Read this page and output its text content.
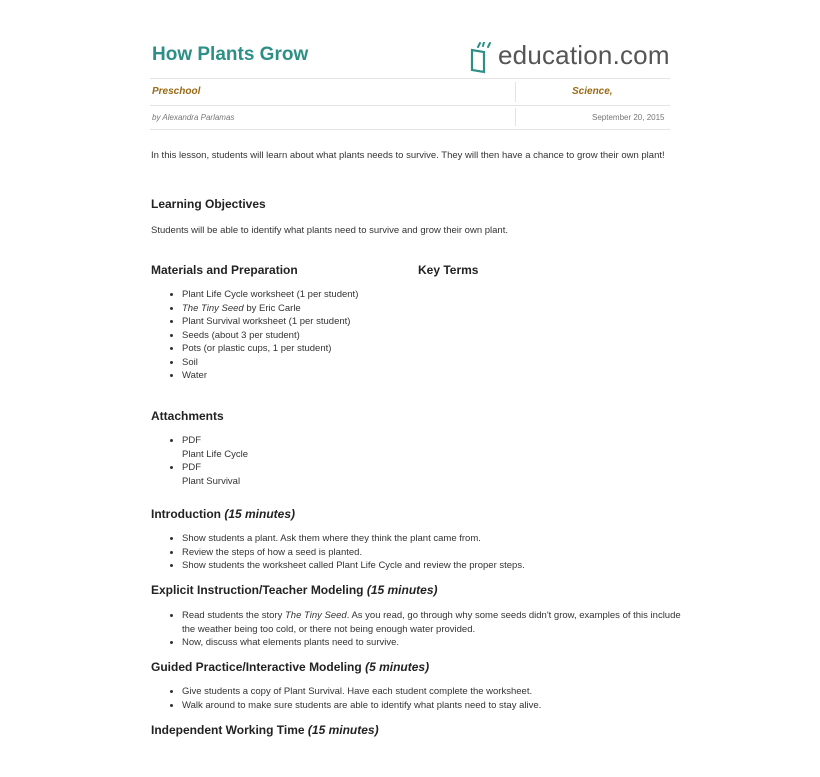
How Plants Grow	education.com
Preschool	Science,
by Alexandra Parlamas	September 20, 2015
In this lesson, students will learn about what plants needs to survive. They will then have a chance to grow their own plant!
Learning Objectives
Students will be able to identify what plants need to survive and grow their own plant.
Materials and Preparation	Key Terms
• Plant Life Cycle worksheet (1 per student)
• The Tiny Seed by Eric Carle
• Plant Survival worksheet (1 per student)
• Seeds (about 3 per student)
• Pots (or plastic cups, 1 per student)
• Soil
• Water
Attachments
• PDF
Plant Life Cycle
• PDF
Plant Survival
Introduction (15 minutes)
• Show students a plant. Ask them where they think the plant came from.
• Review the steps of how a seed is planted.
• Show students the worksheet called Plant Life Cycle and review the proper steps.
Explicit Instruction/Teacher Modeling (15 minutes)
• Read students the story The Tiny Seed. As you read, go through why some seeds didn't grow, examples of this include the weather being too cold, or there not being enough water provided.
• Now, discuss what elements plants need to survive.
Guided Practice/Interactive Modeling (5 minutes)
• Give students a copy of Plant Survival. Have each student complete the worksheet.
• Walk around to make sure students are able to identify what plants need to stay alive.
Independent Working Time (15 minutes)
